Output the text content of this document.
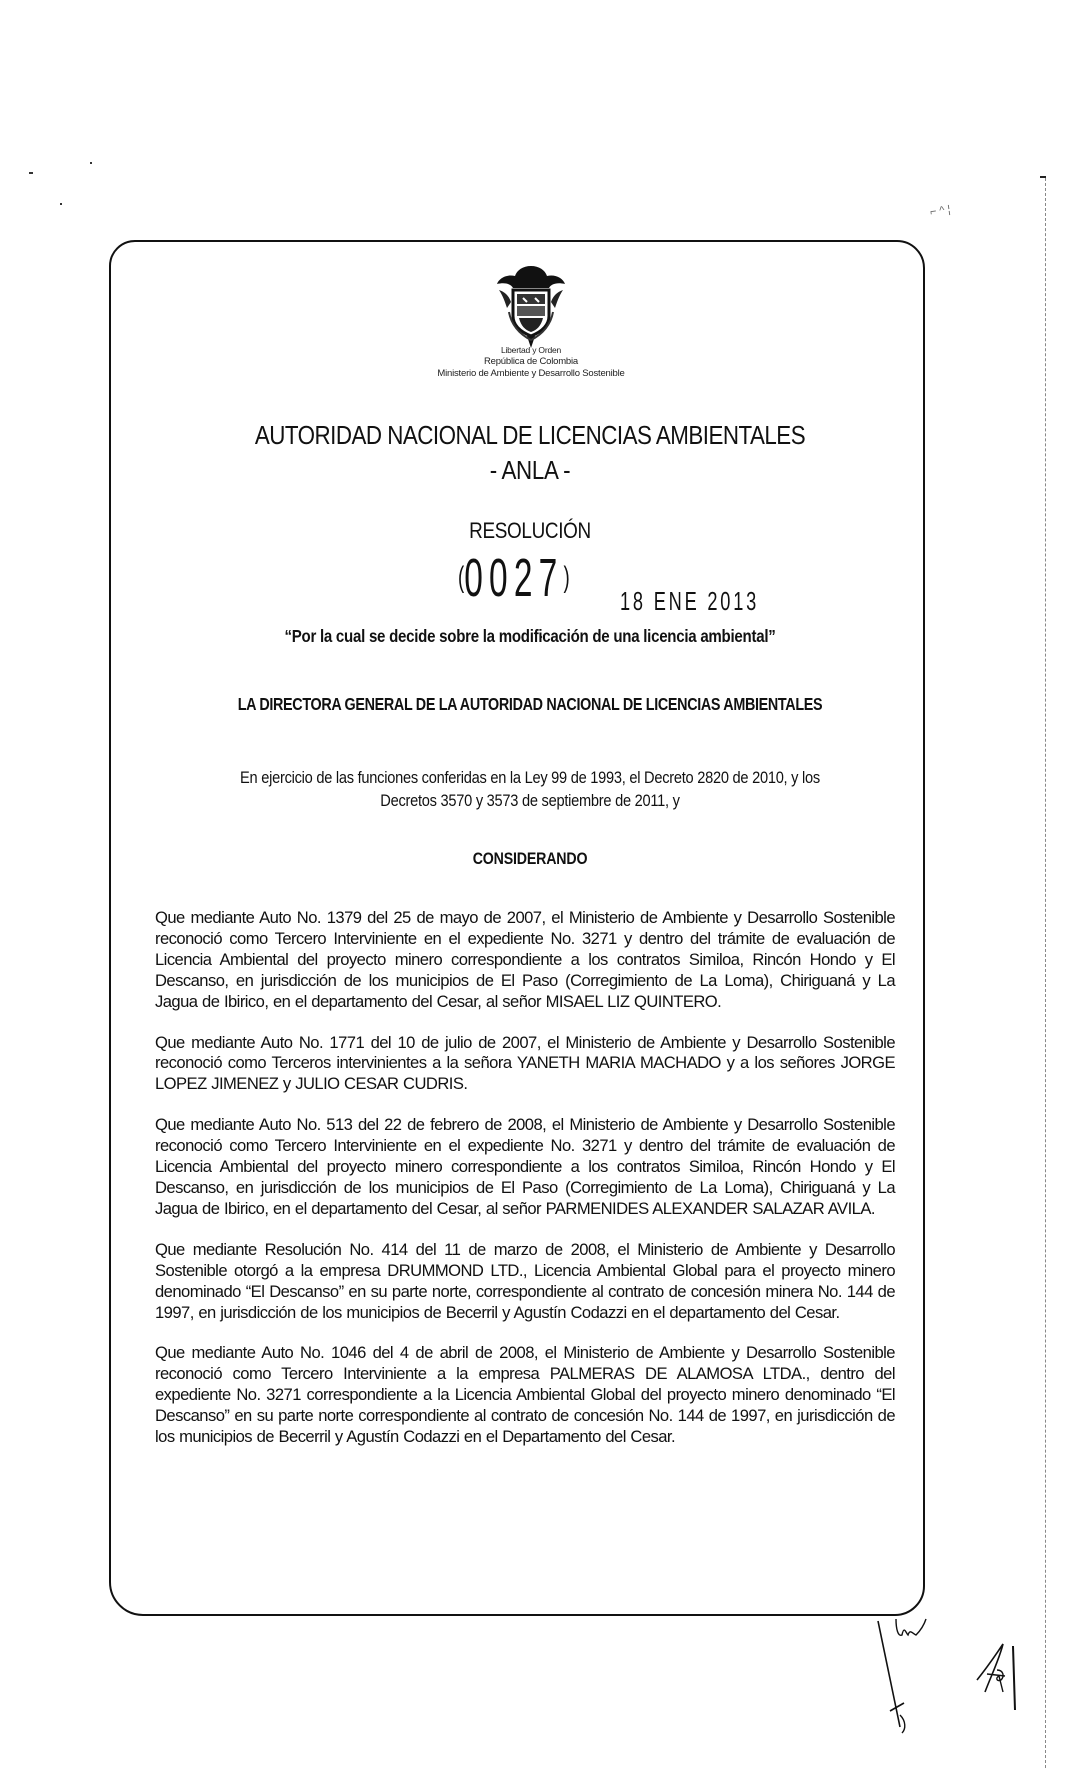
⌐ ^ ¦
Libertad y Orden
República de Colombia
Ministerio de Ambiente y Desarrollo Sostenible
AUTORIDAD NACIONAL DE LICENCIAS AMBIENTALES
- ANLA -
RESOLUCIÓN
(0027)
18 ENE 2013
“Por la cual se decide sobre la modificación de una licencia ambiental”
LA DIRECTORA GENERAL DE LA AUTORIDAD NACIONAL DE LICENCIAS AMBIENTALES
En ejercicio de las funciones conferidas en la Ley 99 de 1993, el Decreto 2820 de 2010, y los
Decretos 3570 y 3573 de septiembre de 2011, y
CONSIDERANDO

Que mediante Auto No. 1379 del 25 de mayo de 2007, el Ministerio de Ambiente y Desarrollo Sostenible reconoció como Tercero Interviniente en el expediente No. 3271 y dentro del trámite de evaluación de Licencia Ambiental del proyecto minero correspondiente a los contratos Similoa, Rincón Hondo y El Descanso, en jurisdicción de los municipios de El Paso (Corregimiento de La Loma), Chiriguaná y La Jagua de Ibirico, en el departamento del Cesar, al señor MISAEL LIZ QUINTERO.

Que mediante Auto No. 1771 del 10 de julio de 2007, el Ministerio de Ambiente y Desarrollo Sostenible reconoció como Terceros intervinientes a la señora YANETH MARIA MACHADO y a los señores JORGE LOPEZ JIMENEZ y JULIO CESAR CUDRIS.

Que mediante Auto No. 513 del 22 de febrero de 2008, el Ministerio de Ambiente y Desarrollo Sostenible reconoció como Tercero Interviniente en el expediente No. 3271 y dentro del trámite de evaluación de Licencia Ambiental del proyecto minero correspondiente a los contratos Similoa, Rincón Hondo y El Descanso, en jurisdicción de los municipios de El Paso (Corregimiento de La Loma), Chiriguaná y La Jagua de Ibirico, en el departamento del Cesar, al señor PARMENIDES ALEXANDER SALAZAR AVILA.

Que mediante Resolución No. 414 del 11 de marzo de 2008, el Ministerio de Ambiente y Desarrollo Sostenible otorgó a la empresa DRUMMOND LTD., Licencia Ambiental Global para el proyecto minero denominado “El Descanso” en su parte norte, correspondiente al contrato de concesión minera No. 144 de 1997, en jurisdicción de los municipios de Becerril y Agustín Codazzi en el departamento del Cesar.

Que mediante Auto No. 1046 del 4 de abril de 2008, el Ministerio de Ambiente y Desarrollo Sostenible reconoció como Tercero Interviniente a la empresa PALMERAS DE ALAMOSA LTDA., dentro del expediente No. 3271 correspondiente a la Licencia Ambiental Global del proyecto minero denominado “El Descanso” en su parte norte correspondiente al contrato de concesión No. 144 de 1997, en jurisdicción de los municipios de Becerril y Agustín Codazzi en el Departamento del Cesar.
